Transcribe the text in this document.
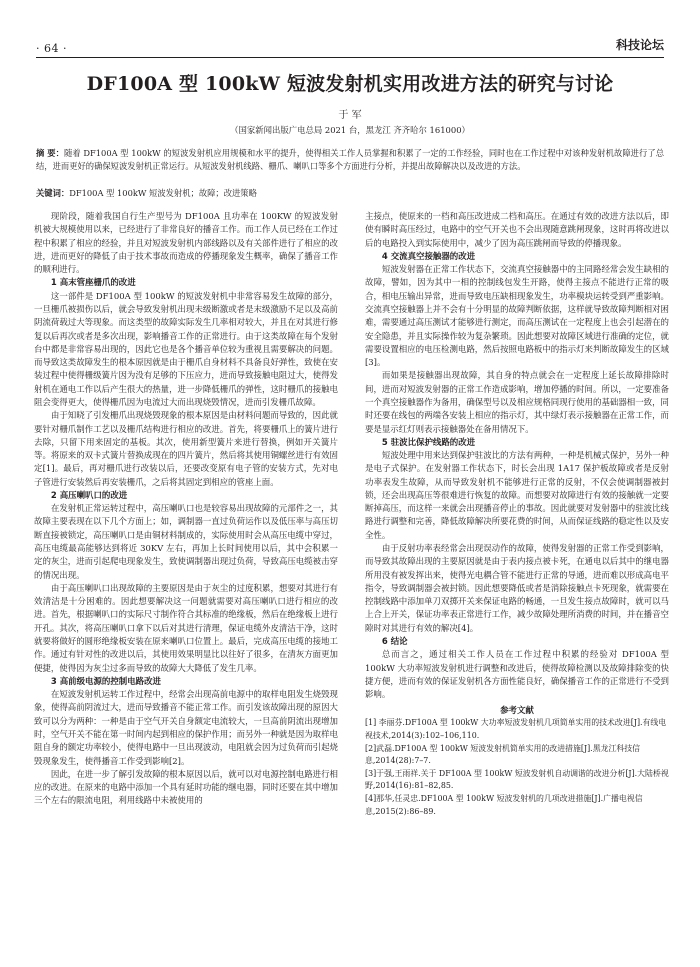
· 64 ·	科技论坛
DF100A 型 100kW 短波发射机实用改进方法的研究与讨论
于 军
（国家新闻出版广电总局 2021 台，黑龙江 齐齐哈尔 161000）
摘 要：随着 DF100A 型 100kW 的短波发射机应用规模和水平的提升，使得相关工作人员掌握和积累了一定的工作经验，同时也在工作过程中对该种发射机故障进行了总结，进而更好的确保短波发射机正常运行。从短波发射机线路、栅爪、喇叭口等多个方面进行分析，并提出故障解决以及改进的方法。
关键词：DF100A 型 100kW 短波发射机；故障；改进策略

现阶段，随着我国自行生产型号为 DF100A 且功率在 100KW 的短波发射机被大规模使用以来，已经进行了非常良好的播音工作。而工作人员已经在工作过程中积累了相应的经验，并且对短波发射机内部线路以及有关部件进行了相应的改进，进而更好的降低了由于技术事故而造成的停播现象发生概率，确保了播音工作的顺利进行。

1 高末管座栅爪的改进

这一部件是 DF100A 型 100kW 的短波发射机中非常容易发生故障的部分，一旦栅爪被损伤以后，就会导致发射机出现未级断激或者是末级激励不足以及高前阴流荷载过大等现象。而这类型的故障实际发生几率相对较大，并且在对其进行修复以后再次或者是多次出现，影响播音工作的正常进行。由于这类故障在每个发射台中都是非常容易出现的，因此它也是各个播音单位较为重视且需要解决的问题。而导致这类故障发生的根本原因就是由于栅爪自身材料不具备良好弹性，致使在安装过程中使得栅级簧片因为没有足够的下压应力，进而导致接触电阻过大，使得发射机在通电工作以后产生很大的热量，进一步降低栅爪的弹性，这时栅爪的接触电阻会变得更大，使得栅爪因为电流过大而出现烧毁情况，进而引发栅爪故障。

由于知晓了引发栅爪出现烧毁现象的根本原因是由材料问题而导致的，因此就要针对栅爪制作工艺以及栅爪结构进行相应的改进。首先，将要栅爪上的簧片进行去除，只留下用来固定的基板。其次，使用新型簧片来进行替换，例如开关簧片等。将原来的双卡式簧片替换成现在的四片簧片，然后将其使用铜螺丝进行有效固定[1]。最后，再对栅爪进行改装以后，还要改变原有电子管的安装方式，先对电子管进行安装然后再安装栅爪，之后将其固定到相应的管座上面。

2 高压喇叭口的改进

在发射机正常运转过程中，高压喇叭口也是较容易出现故障的元部件之一，其故障主要表现在以下几个方面上；如，调制器一直过负荷运作以及低压率与高压切断直接被锁定，高压喇叭口是由铜材料制成的，实际使用时会从高压电缆中穿过，高压电缆最高能够达到将近 30KV 左右，再加上长时间使用以后，其中会积累一定的灰尘，进而引起爬电现象发生，致使调制器出现过负荷，导致高压电缆被击穿的情况出现。

由于高压喇叭口出现故障的主要原因是由于灰尘的过度积累，想要对其进行有效清洁是十分困难的。因此想要解决这一问题就需要对高压喇叭口进行相应的改进。首先，根据喇叭口的实际尺寸制作符合其标准的绝缘板，然后在绝缘板上进行开孔。其次，将高压喇叭口拿下以后对其进行清理，保证电缆外皮清洁干净，这时就要将做好的圆形绝缘板安装在原来喇叭口位置上。最后，完成高压电缆的接地工作。通过有针对性的改进以后，其使用效果明显比以往好了很多，在清灰方面更加便捷，使得因为灰尘过多而导致的故障大大降低了发生几率。

3 高前级电源的控制电路改进

在短波发射机运转工作过程中，经常会出现高前电源中的取样电阻发生烧毁现象，使得高前阴流过大，进而导致播音不能正常工作。而引发该故障出现的原因大致可以分为两种：一种是由于空气开关自身额定电流较大，一旦高前阴流出现增加时，空气开关不能在第一时间内起到相应的保护作用；而另外一种就是因为取样电阻自身的额定功率较小，使得电路中一旦出现波动，电阻就会因为过负荷而引起烧毁现象发生，使得播音工作受到影响[2]。

因此，在进一步了解引发故障的根本原因以后，就可以对电源控制电路进行相应的改进。在原来的电路中添加一个具有延时功能的继电器，同时还要在其中增加三个左右的限流电阻，利用线路中未被使用的

主接点，使原来的一档和高压改进成二档和高压。在通过有效的改进方法以后，即使有瞬时高压经过，电路中的空气开关也不会出现随意跳闸现象，这时再将改进以后的电路投入到实际使用中，减少了因为高压跳闸而导致的停播现象。

4 交流真空接触器的改进

短波发射器在正常工作状态下，交流真空接触器中的主同路经常会发生缺相的故障，譬如，因为其中一相的控制线包发生开路，使得主接点不能进行正常的吸合，相电压输出异常，进而导致电压缺相现象发生，功率模块运转受到严重影响。交流真空接触器上并不会有十分明显的故障判断依据，这样就导致故障判断相对困难，需要通过高压测试才能够进行测定，而高压测试在一定程度上也会引起潜在的安全隐患，并且实际操作较为复杂繁琐。因此想要对故障区域进行准确的定位，就需要设置相应的电压检测电路，然后按照电路板中的指示灯来判断故障发生的区域[3]。

而如果是接触器出现故障，其自身的特点就会在一定程度上延长故障排除时间，进而对短波发射器的正常工作造成影响，增加停播的时间。所以，一定要准备一个真空接触器作为备用，确保型号以及相应规格同现行使用的基础器相一致，同时还要在线包的两端各安装上相应的指示灯，其中绿灯表示接触器在正常工作，而要是显示红灯则表示接触器处在备用情况下。

5 驻波比保护线路的改进

短波处理中用来达到保护驻波比的方法有两种，一种是机械式保护，另外一种是电子式保护。在发射器工作状态下，时长会出现 1A17 保护板故障或者是反射功率表发生故障，从而导致发射机不能够进行正常的反射，不仅会使调制器被封锁，还会出现高压等很难进行恢复的故障。而想要对故障进行有效的接触就一定要断掉高压，而这样一来就会出现播音停止的事故。因此就要对发射器中的驻波比线路进行调整和完善，降低故障解决所要花费的时间，从而保证线路的稳定性以及安全性。

由于反射功率表经常会出现误动作的故障，使得发射器的正常工作受到影响，而导致其故障出现的主要原因就是由于表内接点被卡死，在通电以后其中的继电器所用没有被发挥出来，使得光电耦合管不能进行正常的导通，进而难以形成高电平指令，导致调制器会被封锁。因此想要降低或者是消除接触点卡死现象，就需要在控制线路中添加单刀双掷开关来保证电路的畅通，一旦发生接点故障时，就可以马上合上开关，保证功率表正常进行工作，减少故障处理所消费的时间，并在播音空隙时对其进行有效的解决[4]。

6 结论

总而言之，通过相关工作人员在工作过程中积累的经验对 DF100A 型 100kW 大功率短波发射机进行调整和改进后，使得故障检测以及故障排除变的快捷方便，进而有效的保证发射机各方面性能良好，确保播音工作的正常进行不受到影响。

参考文献
[1] 李丽芬.DF100A 型 100kW 大功率短波发射机几项简单实用的技术改进[J].有线电视技术,2014(3):102–106,110.
[2]武磊.DF100A 型 100kW 短波发射机简单实用的改进措施[J].黑龙江科技信息,2014(28):7–7.
[3]于强,王雨祥.关于 DF100A 型 100kW 短波发射机自动调谐的改进分析[J].大陆桥视野,2014(16):81–82,85.
[4]那华,任灵忠.DF100A 型 100kW 短波发射机的几项改进措施[J].广播电视信息,2015(2):86–89.
